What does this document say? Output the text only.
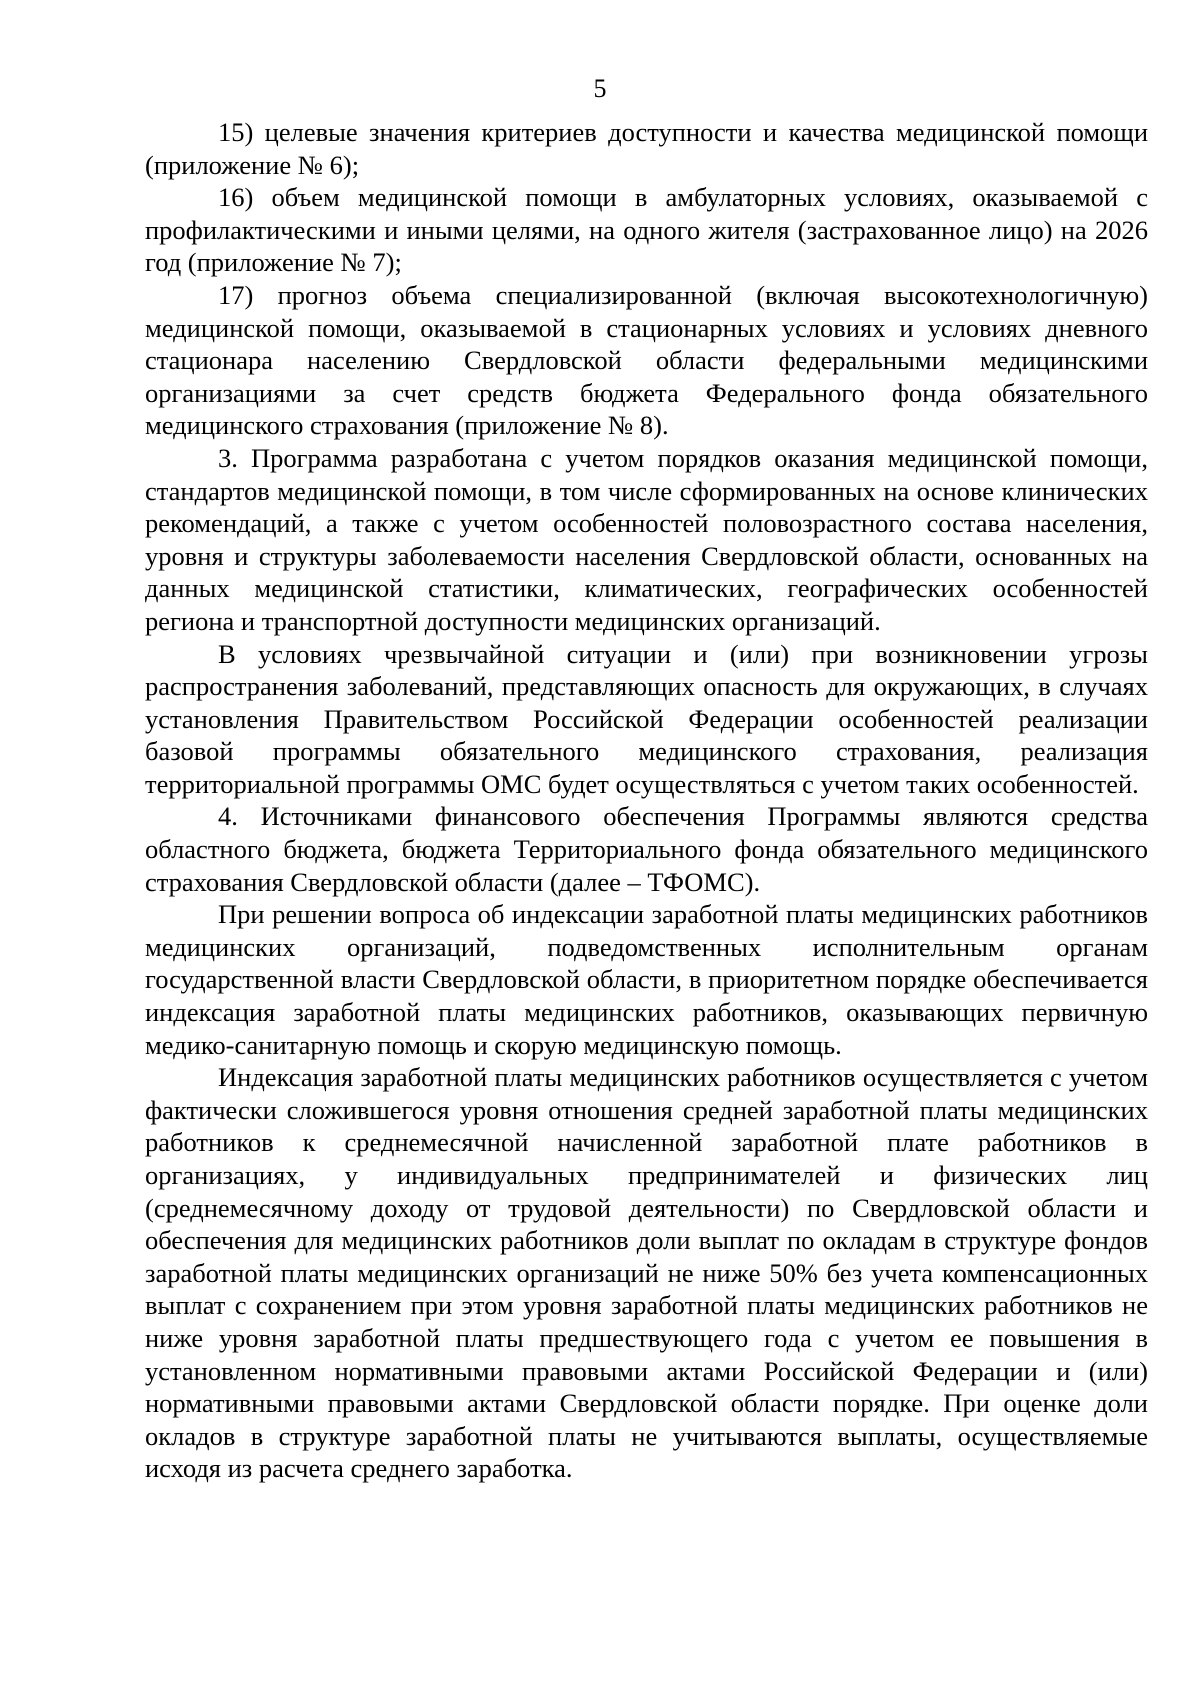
5

15) целевые значения критериев доступности и качества медицинской помощи (приложение № 6);

16) объем медицинской помощи в амбулаторных условиях, оказываемой с профилактическими и иными целями, на одного жителя (застрахованное лицо) на 2026 год (приложение № 7);

17) прогноз объема специализированной (включая высокотехнологичную) медицинской помощи, оказываемой в стационарных условиях и условиях дневного стационара населению Свердловской области федеральными медицинскими организациями за счет средств бюджета Федерального фонда обязательного медицинского страхования (приложение № 8).

3. Программа разработана с учетом порядков оказания медицинской помощи, стандартов медицинской помощи, в том числе сформированных на основе клинических рекомендаций, а также с учетом особенностей половозрастного состава населения, уровня и структуры заболеваемости населения Свердловской области, основанных на данных медицинской статистики, климатических, географических особенностей региона и транспортной доступности медицинских организаций.

В условиях чрезвычайной ситуации и (или) при возникновении угрозы распространения заболеваний, представляющих опасность для окружающих, в случаях установления Правительством Российской Федерации особенностей реализации базовой программы обязательного медицинского страхования, реализация территориальной программы ОМС будет осуществляться с учетом таких особенностей.

4. Источниками финансового обеспечения Программы являются средства областного бюджета, бюджета Территориального фонда обязательного медицинского страхования Свердловской области (далее – ТФОМС).

При решении вопроса об индексации заработной платы медицинских работников медицинских организаций, подведомственных исполнительным органам государственной власти Свердловской области, в приоритетном порядке обеспечивается индексация заработной платы медицинских работников, оказывающих первичную медико-санитарную помощь и скорую медицинскую помощь.

Индексация заработной платы медицинских работников осуществляется с учетом фактически сложившегося уровня отношения средней заработной платы медицинских работников к среднемесячной начисленной заработной плате работников в организациях, у индивидуальных предпринимателей и физических лиц (среднемесячному доходу от трудовой деятельности) по Свердловской области и обеспечения для медицинских работников доли выплат по окладам в структуре фондов заработной платы медицинских организаций не ниже 50% без учета компенсационных выплат с сохранением при этом уровня заработной платы медицинских работников не ниже уровня заработной платы предшествующего года с учетом ее повышения в установленном нормативными правовыми актами Российской Федерации и (или) нормативными правовыми актами Свердловской области порядке. При оценке доли окладов в структуре заработной платы не учитываются выплаты, осуществляемые исходя из расчета среднего заработка.
